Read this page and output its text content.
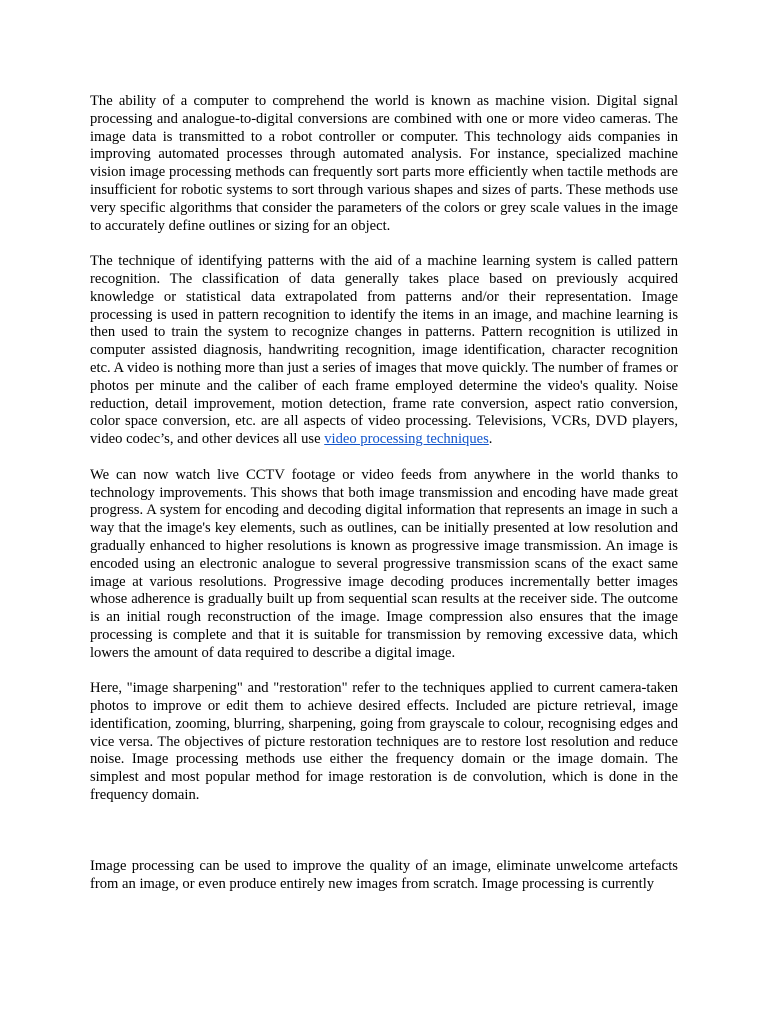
The ability of a computer to comprehend the world is known as machine vision. Digital signal processing and analogue-to-digital conversions are combined with one or more video cameras. The image data is transmitted to a robot controller or computer. This technology aids companies in improving automated processes through automated analysis. For instance, specialized machine vision image processing methods can frequently sort parts more efficiently when tactile methods are insufficient for robotic systems to sort through various shapes and sizes of parts. These methods use very specific algorithms that consider the parameters of the colors or grey scale values in the image to accurately define outlines or sizing for an object.

The technique of identifying patterns with the aid of a machine learning system is called pattern recognition. The classification of data generally takes place based on previously acquired knowledge or statistical data extrapolated from patterns and/or their representation. Image processing is used in pattern recognition to identify the items in an image, and machine learning is then used to train the system to recognize changes in patterns. Pattern recognition is utilized in computer assisted diagnosis, handwriting recognition, image identification, character recognition etc. A video is nothing more than just a series of images that move quickly. The number of frames or photos per minute and the caliber of each frame employed determine the video's quality. Noise reduction, detail improvement, motion detection, frame rate conversion, aspect ratio conversion, color space conversion, etc. are all aspects of video processing. Televisions, VCRs, DVD players, video codec’s, and other devices all use video processing techniques.

We can now watch live CCTV footage or video feeds from anywhere in the world thanks to technology improvements. This shows that both image transmission and encoding have made great progress. A system for encoding and decoding digital information that represents an image in such a way that the image's key elements, such as outlines, can be initially presented at low resolution and gradually enhanced to higher resolutions is known as progressive image transmission. An image is encoded using an electronic analogue to several progressive transmission scans of the exact same image at various resolutions. Progressive image decoding produces incrementally better images whose adherence is gradually built up from sequential scan results at the receiver side. The outcome is an initial rough reconstruction of the image. Image compression also ensures that the image processing is complete and that it is suitable for transmission by removing excessive data, which lowers the amount of data required to describe a digital image.

Here, "image sharpening" and "restoration" refer to the techniques applied to current camera-taken photos to improve or edit them to achieve desired effects. Included are picture retrieval, image identification, zooming, blurring, sharpening, going from grayscale to colour, recognising edges and vice versa. The objectives of picture restoration techniques are to restore lost resolution and reduce noise. Image processing methods use either the frequency domain or the image domain. The simplest and most popular method for image restoration is de convolution, which is done in the frequency domain.

Image processing can be used to improve the quality of an image, eliminate unwelcome artefacts from an image, or even produce entirely new images from scratch. Image processing is currently
